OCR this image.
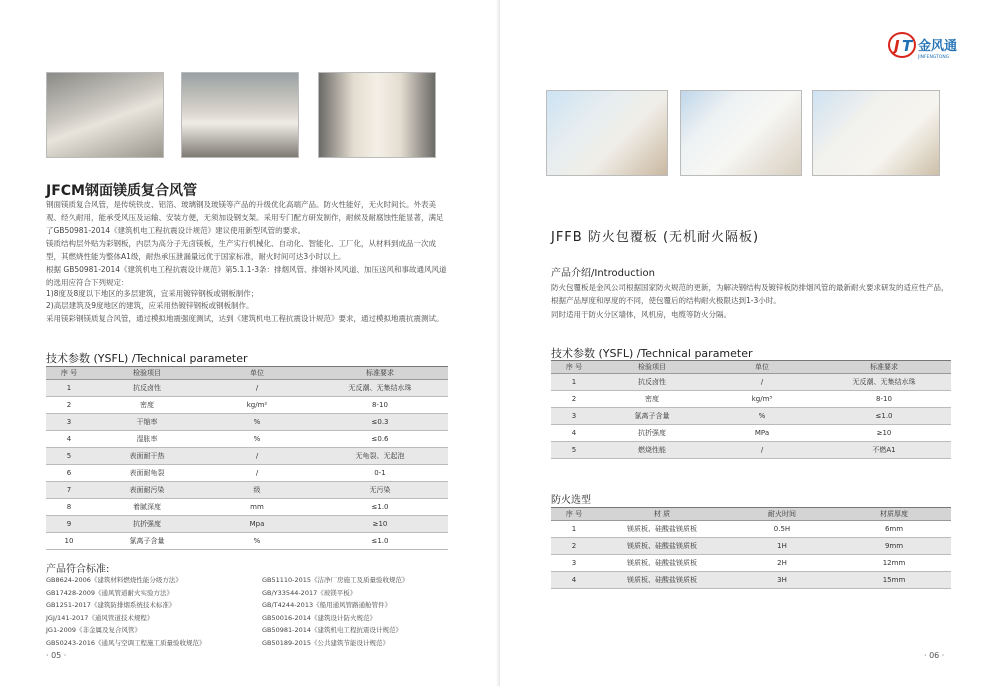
JFCM钢面镁质复合风管
钢面镁质复合风管，是传统铁皮、铝箔、玻璃钢及玻镁等产品的升级优化高端产品。防火性能好，无火时间长。外表美观、经久耐用，能承受风压及运输、安装方便，无须加设钢支架。采用专门配方研发制作，耐候及耐腐蚀性能显著，满足了GB50981-2014《建筑机电工程抗震设计规范》建议使用新型风管的要求。
镁质结构层外贴为彩钢板，内层为高分子无卤镁板，生产实行机械化、自动化、智能化、工厂化，从材料到成品一次成型，其燃烧性能为整体A1级，耐热承压泄漏量远优于国家标准，耐火时间可达3小时以上。
根据 GB50981-2014《建筑机电工程抗震设计规范》第5.1.1-3条：排烟风管、排烟补风风道、加压送风和事故通风风道的选用应符合下列规定：
1)8度及8度以下地区的多层建筑，宜采用镀锌钢板或钢板制作；
2)高层建筑及9度地区的建筑，应采用热镀锌钢板或钢板制作。
采用镁彩钢镁质复合风管，通过模拟地震强度测试，达到《建筑机电工程抗震设计规范》要求，通过模拟地震抗震测试。
技术参数 (YSFL) /Technical parameter
序 号	检验项目	单位	标准要求
1	抗反卤性	/	无反潮、无集结水珠
2	密度	kg/m²	8-10
3	干缩率	%	≤0.3
4	湿胀率	%	≤0.6
5	表面耐干热	/	无龟裂、无起泡
6	表面耐龟裂	/	0-1
7	表面耐污染	级	无污染
8	着腻深度	mm	≤1.0
9	抗折强度	Mpa	≥10
10	氯离子含量	%	≤1.0
产品符合标准:
GB8624-2006《建筑材料燃烧性能分级方法》
GB17428-2009《通风管道耐火实验方法》
GB1251-2017《建筑防排烟系统技术标准》
JGJ/141-2017《通风管道技术规程》
JG1-2009《非金属及复合风管》
GB50243-2016《通风与空调工程施工质量验收规范》
GB51110-2015《洁净厂房施工及质量验收规范》
GB/Y33544-2017《玻镁平板》
GB/T4244-2013《船用通风管路通舱管件》
GB50016-2014《建筑设计防火规范》
GB50981-2014《建筑机电工程抗震设计规范》
GB50189-2015《公共建筑节能设计规范》
· 05 ·
J T 金风通
JINFENGTONG
JFFB 防火包覆板 (无机耐火隔板)
产品介绍/Introduction
防火包覆板是金风公司根据国家防火规范的更新，为解决钢结构及镀锌板防排烟风管的最新耐火要求研发的适应性产品，根据产品厚度和厚度的不同，使包覆后的结构耐火极限达到1-3小时。
同时适用于防火分区墙体，风机房，电缆等防火分隔。
技术参数 (YSFL) /Technical parameter
序 号	检验项目	单位	标准要求
1	抗反卤性	/	无反潮、无集结水珠
2	密度	kg/m³	8-10
3	氯离子含量	%	≤1.0
4	抗折强度	MPa	≥10
5	燃烧性能	/	不燃A1
防火选型
序 号	材 质	耐火时间	材质厚度
1	镁质板、硅酸盐镁质板	0.5H	6mm
2	镁质板、硅酸盐镁质板	1H	9mm
3	镁质板、硅酸盐镁质板	2H	12mm
4	镁质板、硅酸盐镁质板	3H	15mm
· 06 ·
